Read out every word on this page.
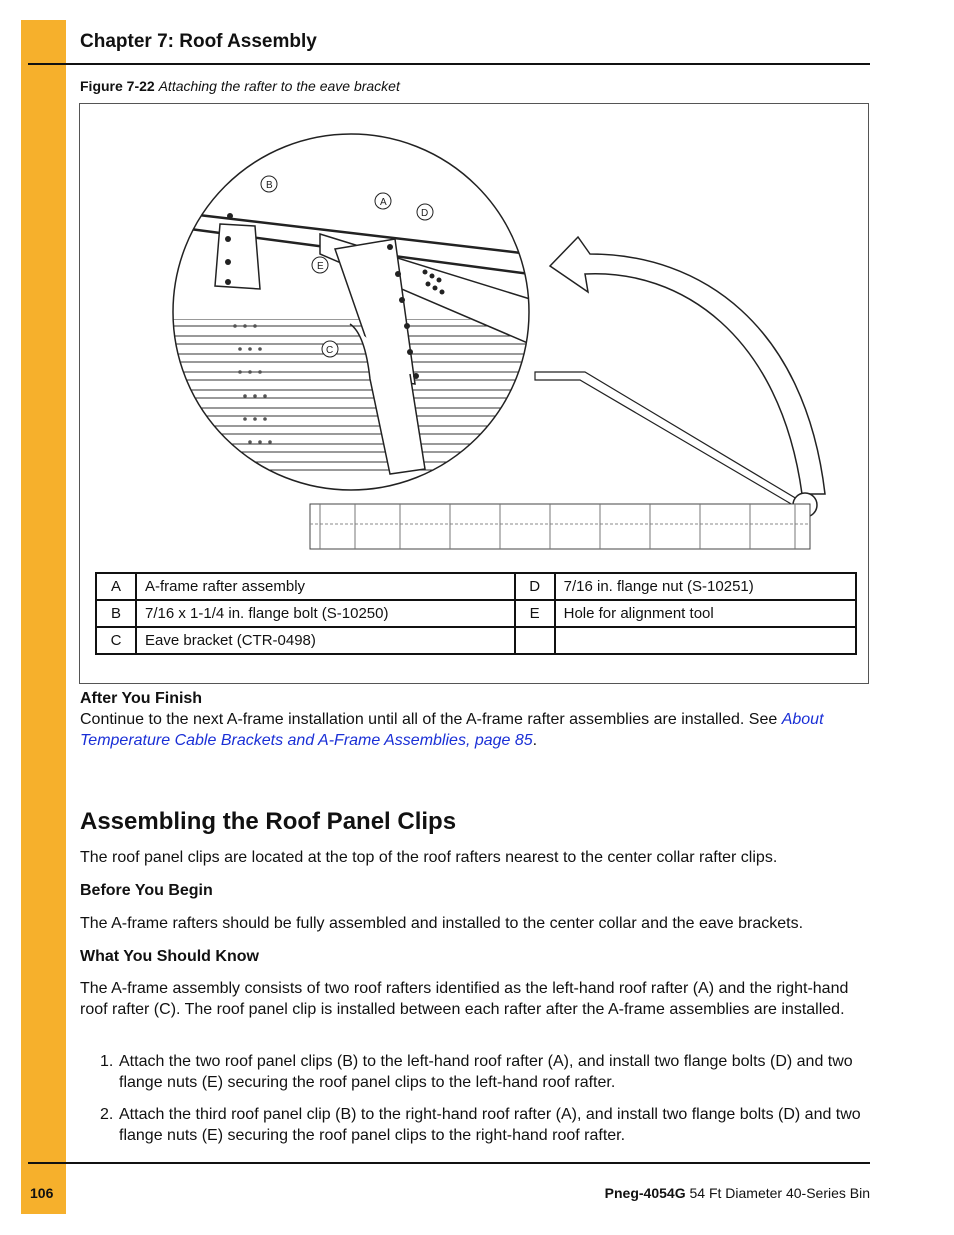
Chapter 7: Roof Assembly
Figure 7-22 Attaching the rafter to the eave bracket
B
A
D
E
C
A	A-frame rafter assembly	D	7/16 in. flange nut (S-10251)
B	7/16 x 1-1/4 in. flange bolt (S-10250)	E	Hole for alignment tool
C	Eave bracket (CTR-0498)		
After You Finish

Continue to the next A-frame installation until all of the A-frame rafter assemblies are installed. See About Temperature Cable Brackets and A-Frame Assemblies, page 85.

Assembling the Roof Panel Clips

The roof panel clips are located at the top of the roof rafters nearest to the center collar rafter clips.

Before You Begin

The A-frame rafters should be fully assembled and installed to the center collar and the eave brackets.

What You Should Know

The A-frame assembly consists of two roof rafters identified as the left-hand roof rafter (A) and the right-hand roof rafter (C). The roof panel clip is installed between each rafter after the A-frame assemblies are installed.

1. Attach the two roof panel clips (B) to the left-hand roof rafter (A), and install two flange bolts (D) and two flange nuts (E) securing the roof panel clips to the left-hand roof rafter.
2. Attach the third roof panel clip (B) to the right-hand roof rafter (A), and install two flange bolts (D) and two flange nuts (E) securing the roof panel clips to the right-hand roof rafter.
106	Pneg-4054G 54 Ft Diameter 40-Series Bin
